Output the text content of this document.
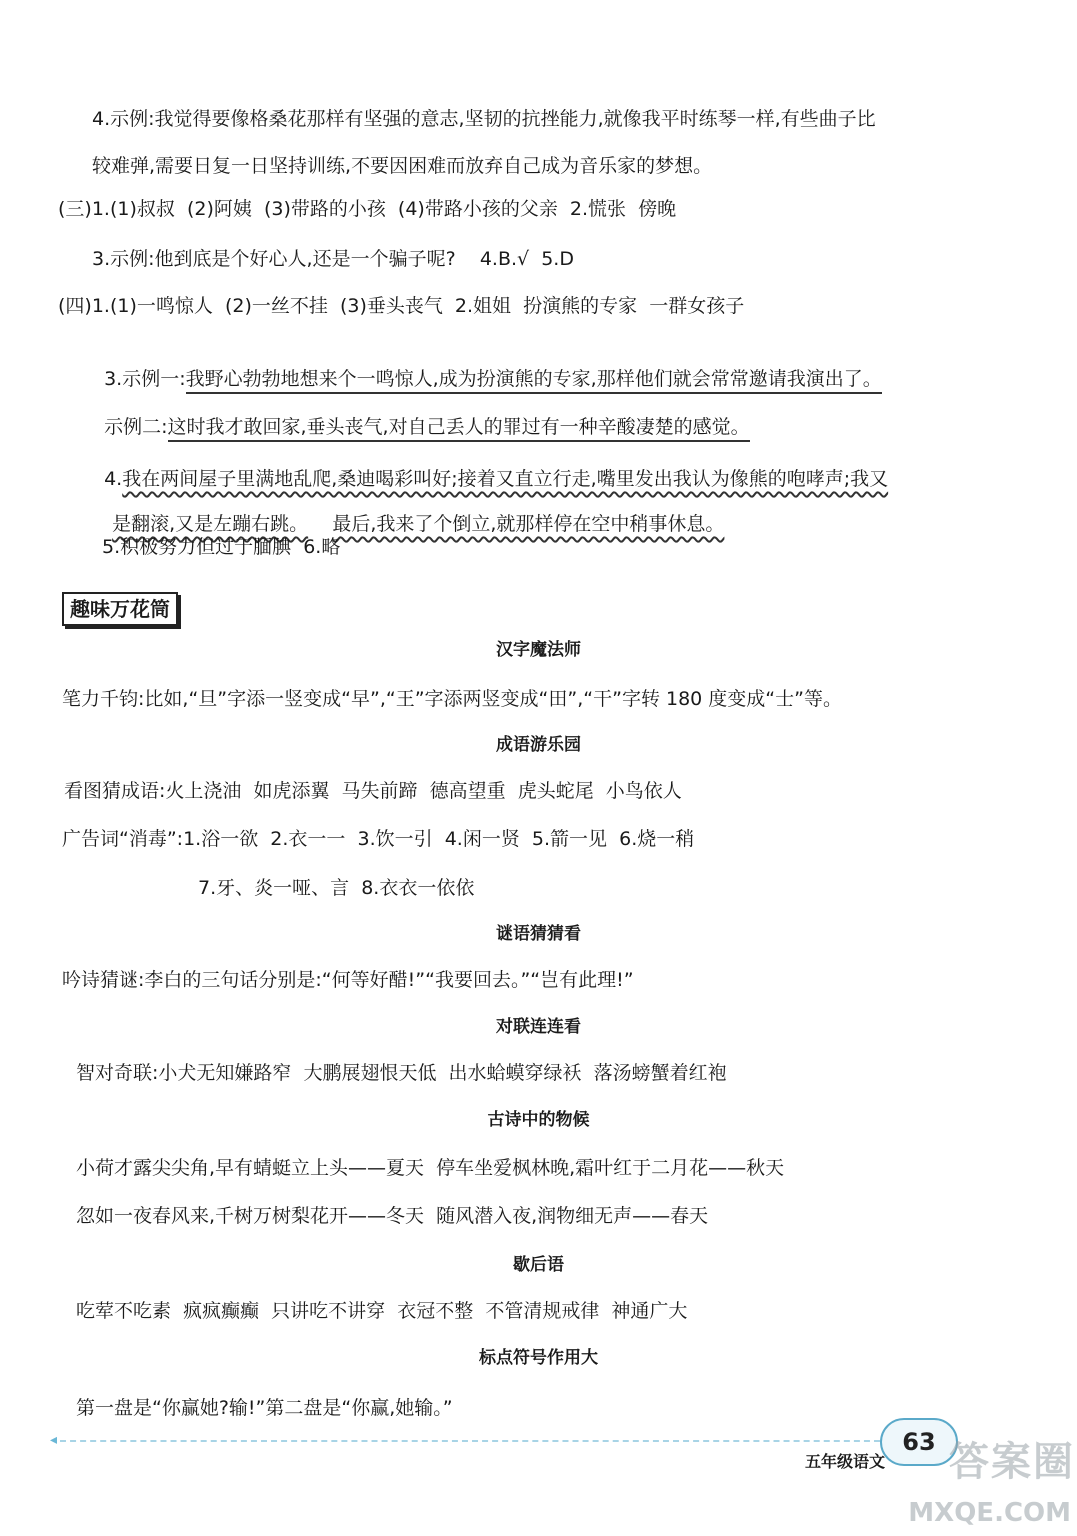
4.示例:我觉得要像格桑花那样有坚强的意志,坚韧的抗挫能力,就像我平时练琴一样,有些曲子比
较难弹,需要日复一日坚持训练,不要因困难而放弃自己成为音乐家的梦想。
(三)1.(1)叔叔  (2)阿姨  (3)带路的小孩  (4)带路小孩的父亲  2.慌张  傍晚
3.示例:他到底是个好心人,还是一个骗子呢?    4.B.√  5.D
(四)1.(1)一鸣惊人  (2)一丝不挂  (3)垂头丧气  2.姐姐  扮演熊的专家  一群女孩子

3.示例一:我野心勃勃地想来个一鸣惊人,成为扮演熊的专家,那样他们就会常常邀请我演出了。

示例二:这时我才敢回家,垂头丧气,对自己丢人的罪过有一种辛酸凄楚的感觉。

4.我在两间屋子里满地乱爬,桑迪喝彩叫好;接着又直立行走,嘴里发出我认为像熊的咆哮声;我又

是翻滚,又是左蹦右跳。 最后,我来了个倒立,就那样停在空中稍事休息。

5.积极努力但过于腼腆  6.略
趣味万花筒
汉字魔法师
笔力千钧:比如,“旦”字添一竖变成“早”,“王”字添两竖变成“田”,“干”字转 180 度变成“士”等。
成语游乐园
看图猜成语:火上浇油  如虎添翼  马失前蹄  德高望重  虎头蛇尾  小鸟依人
广告词“消毒”:1.浴一欲  2.衣一一  3.饮一引  4.闲一贤  5.箭一见  6.烧一稍
7.牙、炎一哑、言  8.衣衣一依依
谜语猜猜看
吟诗猜谜:李白的三句话分别是:“何等好醋!”“我要回去。”“岂有此理!”
对联连连看
智对奇联:小犬无知嫌路窄  大鹏展翅恨天低  出水蛤蟆穿绿袄  落汤螃蟹着红袍
古诗中的物候
小荷才露尖尖角,早有蜻蜓立上头——夏天  停车坐爱枫林晚,霜叶红于二月花——秋天
忽如一夜春风来,千树万树梨花开——冬天  随风潜入夜,润物细无声——春天
歇后语
吃荤不吃素  疯疯癫癫  只讲吃不讲穿  衣冠不整  不管清规戒律  神通广大
标点符号作用大
第一盘是“你赢她?输!”第二盘是“你赢,她输。”
◂
五年级语文
63 答案圈
MXQE.COM
